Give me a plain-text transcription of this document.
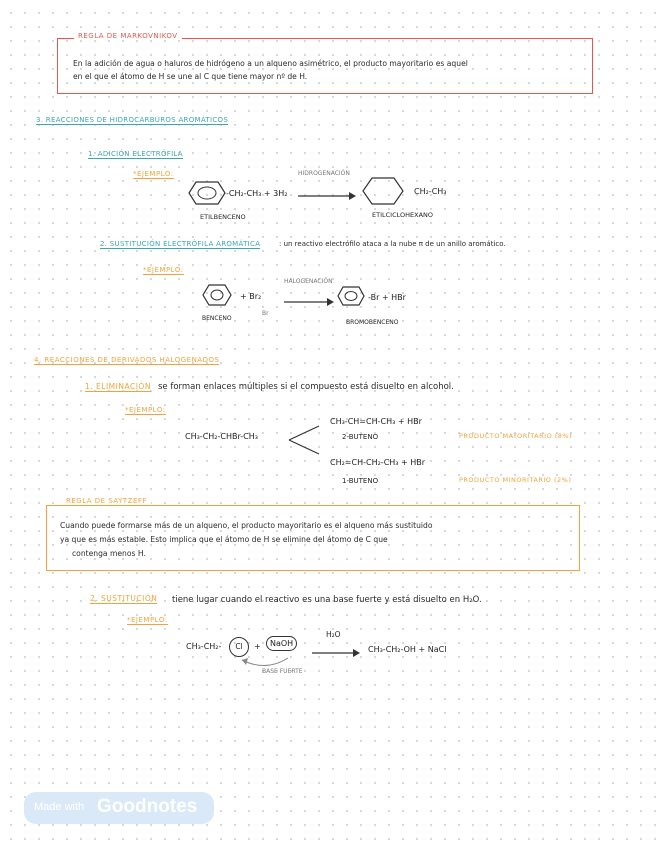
REGLA DE MARKOVNIKOV
En la adición de agua o haluros de hidrógeno a un alqueno asimétrico, el producto mayoritario es aquel
en el que el átomo de H se une al C que tiene mayor nº de H.
3. REACCIONES DE HIDROCARBUROS AROMÁTICOS
1. ADICIÓN ELECTRÓFILA
*EJEMPLO:
-CH₂-CH₃ + 3H₂
HIDROGENACIÓN
CH₂-CH₃
ETILBENCENO	ETILCICLOHEXANO
2. SUSTITUCIÓN ELECTRÓFILA AROMÁTICA	: un reactivo electrófilo ataca a la nube π de un anillo aromático.
*EJEMPLO:
+ Br₂
Br
HALOGENACIÓN
-Br + HBr
BENCENO
BROMOBENCENO
4. REACCIONES DE DERIVADOS HALOGENADOS
1. ELIMINACIÓN se forman enlaces múltiples si el compuesto está disuelto en alcohol.
*EJEMPLO:
CH₃-CH₂-CHBr-CH₃
CH₃-CH=CH-CH₃ + HBr
2-BUTENO	PRODUCTO MAYORITARIO (8%)
CH₂=CH-CH₂-CH₃ + HBr
1-BUTENO	PRODUCTO MINORITARIO (2%)
REGLA DE SAYTZEFF
Cuando puede formarse más de un alqueno, el producto mayoritario es el alqueno más sustituido
ya que es más estable. Esto implica que el átomo de H se elimine del átomo de C que
contenga menos H.
2. SUSTITUCIÓN tiene lugar cuando el reactivo es una base fuerte y está disuelto en H₂O.
*EJEMPLO:
CH₃-CH₂-	Cl	+	NaOH
BASE FUERTE
H₂O
→ CH₃-CH₂-OH + NaCl
Made with Goodnotes
